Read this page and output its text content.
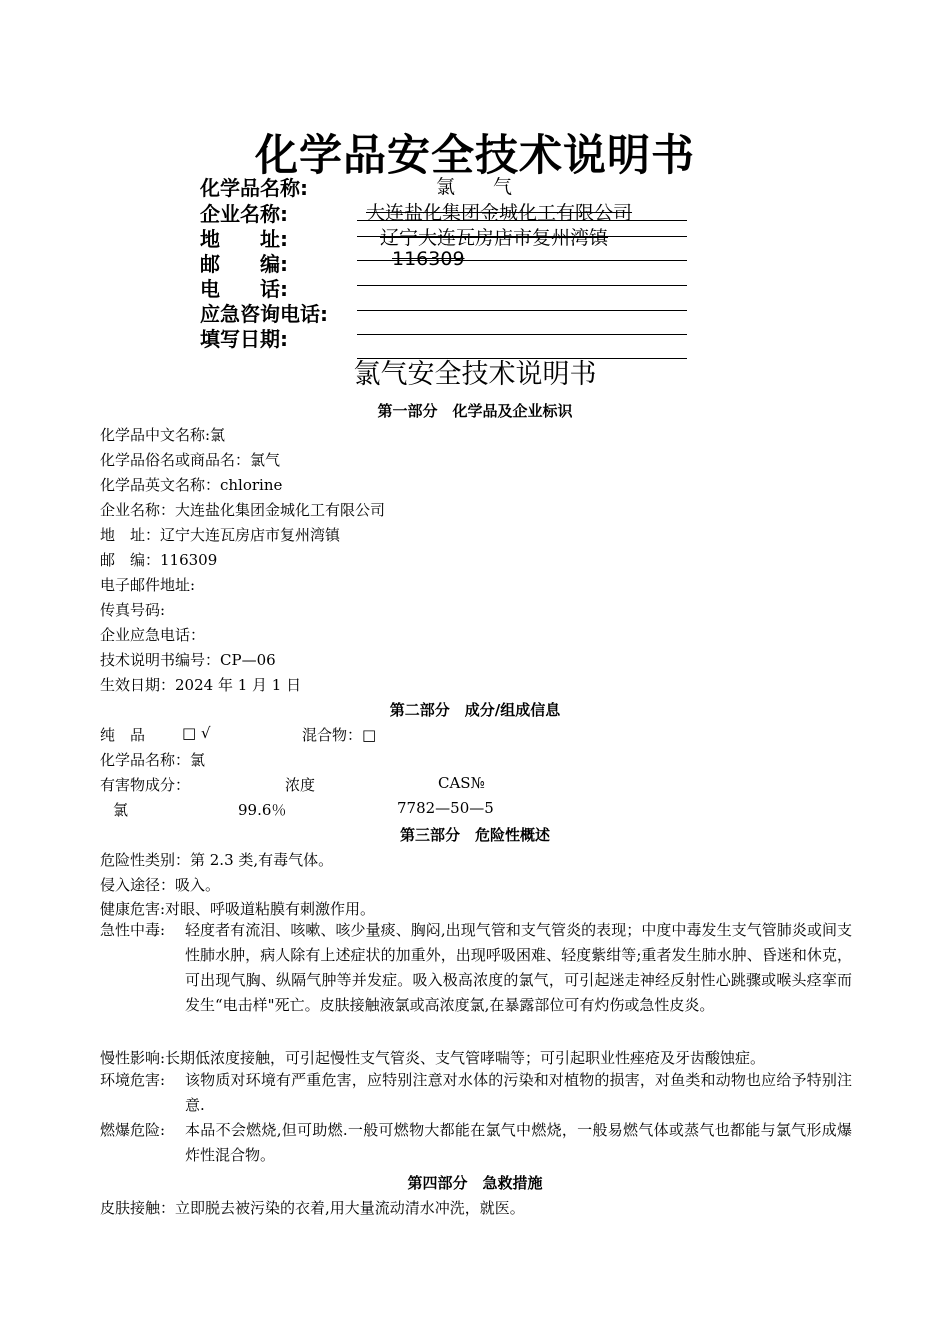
化学品安全技术说明书
化学品名称:	氯　　气
企业名称:	大连盐化集团金城化工有限公司
地　　址:	辽宁大连瓦房店市复州湾镇
邮　　编:	116309
电　　话:
应急咨询电话:
填写日期:
氯气安全技术说明书
第一部分　化学品及企业标识
化学品中文名称:氯
化学品俗名或商品名：氯气
化学品英文名称：chlorine
企业名称：大连盐化集团金城化工有限公司
地　址：辽宁大连瓦房店市复州湾镇
邮　编：116309
电子邮件地址:
传真号码:
企业应急电话：
技术说明书编号：CP—06
生效日期：2024 年 1 月 1 日
第二部分　成分/组成信息
纯　品 □ √	混合物：□
化学品名称：氯
有害物成分：	浓度	CAS№
氯	99.6％	7782—50—5
第三部分　危险性概述
危险性类别：第 2.3 类,有毒气体。
侵入途径：吸入。
健康危害:对眼、呼吸道粘膜有刺激作用。
急性中毒: 轻度者有流泪、咳嗽、咳少量痰、胸闷,出现气管和支气管炎的表现；中度中毒发生支气管肺炎或间支性肺水肿，病人除有上述症状的加重外，出现呼吸困难、轻度紫绀等;重者发生肺水肿、昏迷和休克，可出现气胸、纵隔气肿等并发症。吸入极高浓度的氯气，可引起迷走神经反射性心跳骤或喉头痉挛而发生“电击样"死亡。皮肤接触液氯或高浓度氯,在暴露部位可有灼伤或急性皮炎。
慢性影响:长期低浓度接触，可引起慢性支气管炎、支气管哮喘等；可引起职业性痤疮及牙齿酸蚀症。
环境危害: 该物质对环境有严重危害，应特别注意对水体的污染和对植物的损害，对鱼类和动物也应给予特别注意.
燃爆危险: 本品不会燃烧,但可助燃.一般可燃物大都能在氯气中燃烧，一般易燃气体或蒸气也都能与氯气形成爆炸性混合物。
第四部分　急救措施
皮肤接触：立即脱去被污染的衣着,用大量流动清水冲洗，就医。
